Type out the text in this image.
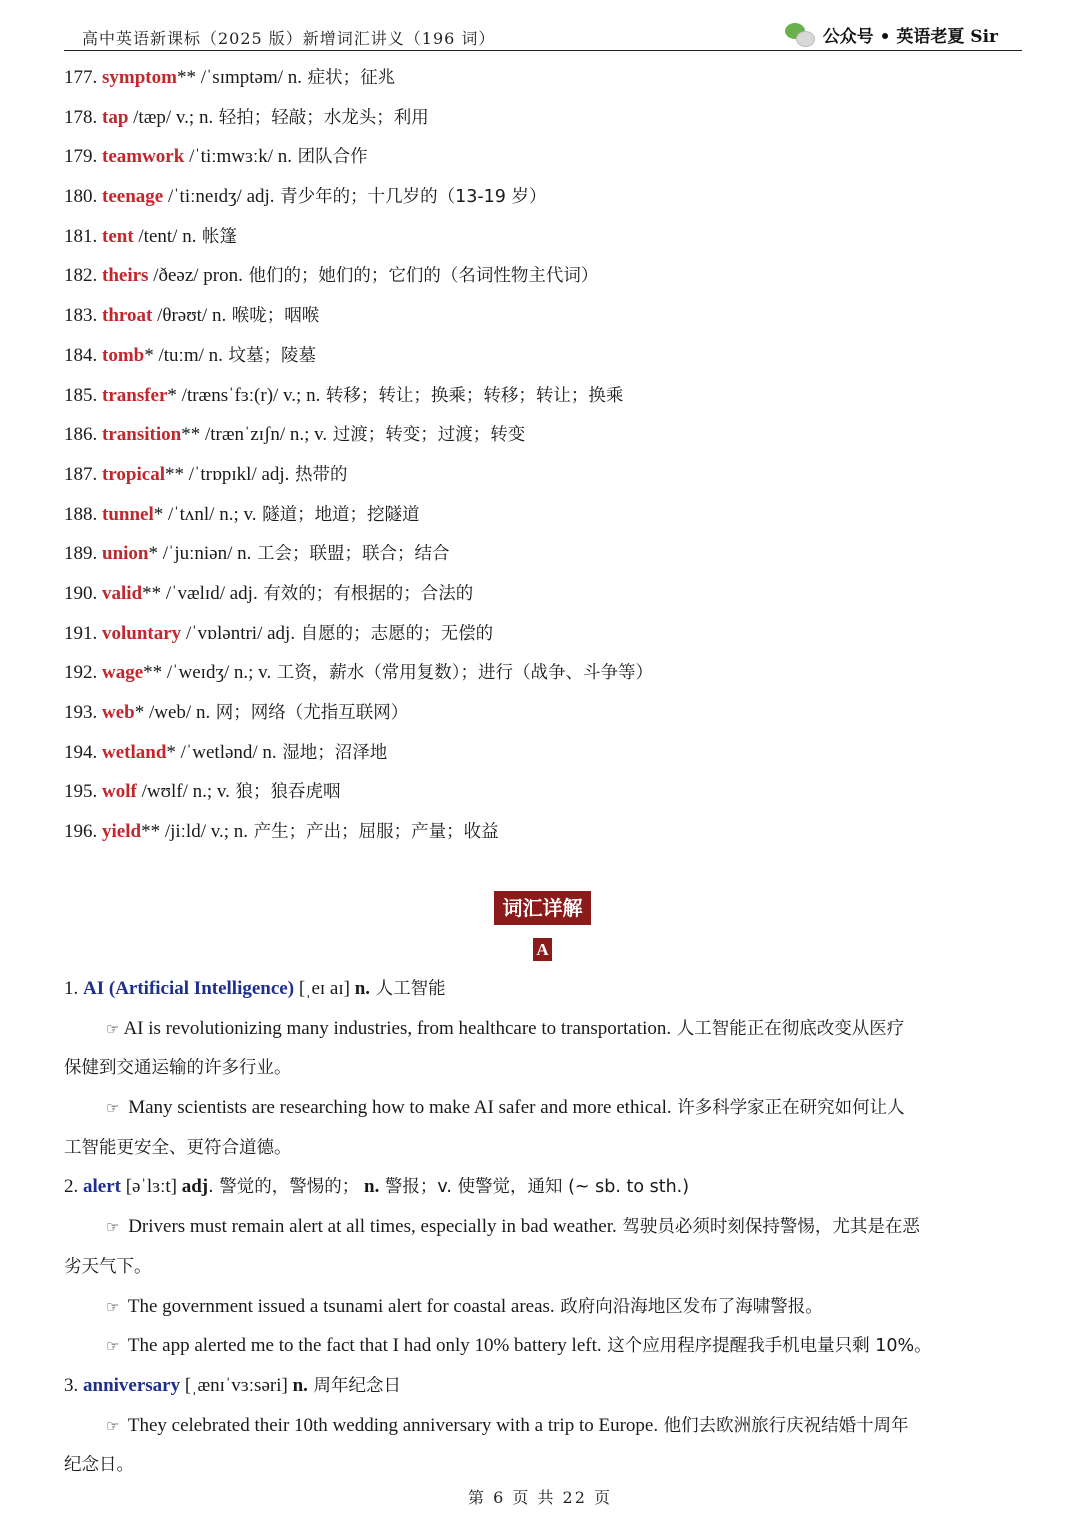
高中英语新课标（2025 版）新增词汇讲义（196 词）	公众号 • 英语老夏 Sir
177. symptom** /ˈsɪmptəm/ n. 症状；征兆
178. tap /tæp/ v.; n. 轻拍；轻敲；水龙头；利用
179. teamwork /ˈtiːmwɜːk/ n. 团队合作
180. teenage /ˈtiːneɪdʒ/ adj. 青少年的；十几岁的（13-19 岁）
181. tent /tent/ n. 帐篷
182. theirs /ðeəz/ pron. 他们的；她们的；它们的（名词性物主代词）
183. throat /θrəʊt/ n. 喉咙；咽喉
184. tomb* /tuːm/ n. 坟墓；陵墓
185. transfer* /trænsˈfɜː(r)/ v.; n. 转移；转让；换乘；转移；转让；换乘
186. transition** /trænˈzɪʃn/ n.; v. 过渡；转变；过渡；转变
187. tropical** /ˈtrɒpɪkl/ adj. 热带的
188. tunnel* /ˈtʌnl/ n.; v. 隧道；地道；挖隧道
189. union* /ˈjuːniən/ n. 工会；联盟；联合；结合
190. valid** /ˈvælɪd/ adj. 有效的；有根据的；合法的
191. voluntary /ˈvɒləntri/ adj. 自愿的；志愿的；无偿的
192. wage** /ˈweɪdʒ/ n.; v. 工资，薪水（常用复数）；进行（战争、斗争等）
193. web* /web/ n. 网；网络（尤指互联网）
194. wetland* /ˈwetlənd/ n. 湿地；沼泽地
195. wolf /wʊlf/ n.; v. 狼；狼吞虎咽
196. yield** /jiːld/ v.; n. 产生；产出；屈服；产量；收益
词汇详解
A
1. AI (Artificial Intelligence) [ˌeɪ aɪ] n. 人工智能
☞ AI is revolutionizing many industries, from healthcare to transportation. 人工智能正在彻底改变从医疗
保健到交通运输的许多行业。
☞ Many scientists are researching how to make AI safer and more ethical. 许多科学家正在研究如何让人
工智能更安全、更符合道德。
2. alert [əˈlɜːt] adj. 警觉的，警惕的； n. 警报；v. 使警觉，通知 (~ sb. to sth.)
☞ Drivers must remain alert at all times, especially in bad weather. 驾驶员必须时刻保持警惕，尤其是在恶
劣天气下。
☞ The government issued a tsunami alert for coastal areas. 政府向沿海地区发布了海啸警报。
☞ The app alerted me to the fact that I had only 10% battery left. 这个应用程序提醒我手机电量只剩 10%。
3. anniversary [ˌænɪˈvɜːsəri] n. 周年纪念日
☞ They celebrated their 10th wedding anniversary with a trip to Europe. 他们去欧洲旅行庆祝结婚十周年
纪念日。
第 6 页 共 22 页
